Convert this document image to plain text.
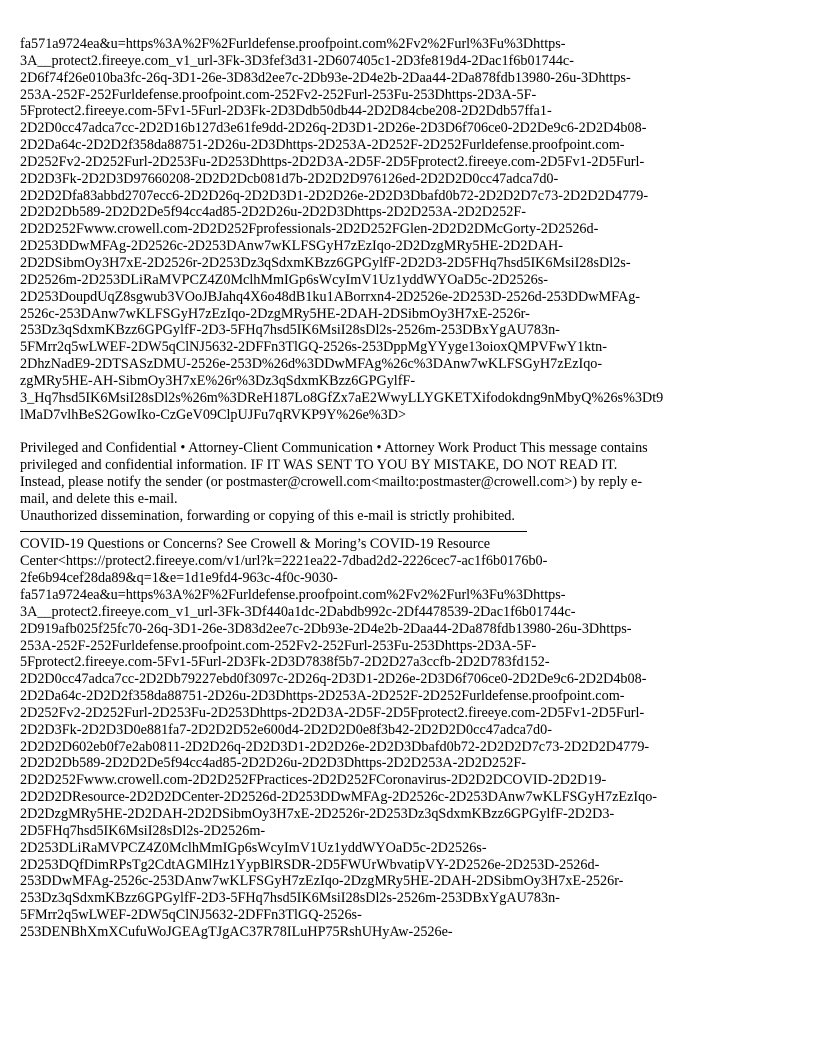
fa571a9724ea&u=https%3A%2F%2Furldefense.proofpoint.com%2Fv2%2Furl%3Fu%3Dhttps-
3A__protect2.fireeye.com_v1_url-3Fk-3D3fef3d31-2D607405c1-2D3fe819d4-2Dac1f6b01744c-
2D6f74f26e010ba3fc-26q-3D1-26e-3D83d2ee7c-2Db93e-2D4e2b-2Daa44-2Da878fdb13980-26u-3Dhttps-
253A-252F-252Furldefense.proofpoint.com-252Fv2-252Furl-253Fu-253Dhttps-2D3A-5F-
5Fprotect2.fireeye.com-5Fv1-5Furl-2D3Fk-2D3Ddb50db44-2D2D84cbe208-2D2Ddb57ffa1-
2D2D0cc47adca7cc-2D2D16b127d3e61fe9dd-2D26q-2D3D1-2D26e-2D3D6f706ce0-2D2De9c6-2D2D4b08-
2D2Da64c-2D2D2f358da88751-2D26u-2D3Dhttps-2D253A-2D252F-2D252Furldefense.proofpoint.com-
2D252Fv2-2D252Furl-2D253Fu-2D253Dhttps-2D2D3A-2D5F-2D5Fprotect2.fireeye.com-2D5Fv1-2D5Furl-
2D2D3Fk-2D2D3D97660208-2D2D2Dcb081d7b-2D2D2D976126ed-2D2D2D0cc47adca7d0-
2D2D2Dfa83abbd2707ecc6-2D2D26q-2D2D3D1-2D2D26e-2D2D3Dbafd0b72-2D2D2D7c73-2D2D2D4779-
2D2D2Db589-2D2D2De5f94cc4ad85-2D2D26u-2D2D3Dhttps-2D2D253A-2D2D252F-
2D2D252Fwww.crowell.com-2D2D252Fprofessionals-2D2D252FGlen-2D2D2DMcGorty-2D2526d-
2D253DDwMFAg-2D2526c-2D253DAnw7wKLFSGyH7zEzIqo-2D2DzgMRy5HE-2D2DAH-
2D2DSibmOy3H7xE-2D2526r-2D253Dz3qSdxmKBzz6GPGylfF-2D2D3-2D5FHq7hsd5IK6MsiI28sDl2s-
2D2526m-2D253DLiRaMVPCZ4Z0MclhMmIGp6sWcyImV1Uz1yddWYOaD5c-2D2526s-
2D253DoupdUqZ8sgwub3VOoJBJahq4X6o48dB1ku1ABorrxn4-2D2526e-2D253D-2526d-253DDwMFAg-
2526c-253DAnw7wKLFSGyH7zEzIqo-2DzgMRy5HE-2DAH-2DSibmOy3H7xE-2526r-
253Dz3qSdxmKBzz6GPGylfF-2D3-5FHq7hsd5IK6MsiI28sDl2s-2526m-253DBxYgAU783n-
5FMrr2q5wLWEF-2DW5qClNJ5632-2DFFn3TlGQ-2526s-253DppMgYYyge13oioxQMPVFwY1ktn-
2DhzNadE9-2DTSASzDMU-2526e-253D%26d%3DDwMFAg%26c%3DAnw7wKLFSGyH7zEzIqo-
zgMRy5HE-AH-SibmOy3H7xE%26r%3Dz3qSdxmKBzz6GPGylfF-
3_Hq7hsd5IK6MsiI28sDl2s%26m%3DReH187Lo8GfZx7aE2WwyLLYGKETXifodokdng9nMbyQ%26s%3Dt9
lMaD7vlhBeS2GowIko-CzGeV09ClpUJFu7qRVKP9Y%26e%3D>
Privileged and Confidential • Attorney-Client Communication • Attorney Work Product This message contains
privileged and confidential information. IF IT WAS SENT TO YOU BY MISTAKE, DO NOT READ IT.
Instead, please notify the sender (or postmaster@crowell.com<mailto:postmaster@crowell.com>) by reply e-
mail, and delete this e-mail.
Unauthorized dissemination, forwarding or copying of this e-mail is strictly prohibited.
COVID-19 Questions or Concerns? See Crowell & Moring’s COVID-19 Resource
Center<https://protect2.fireeye.com/v1/url?k=2221ea22-7dbad2d2-2226cec7-ac1f6b0176b0-
2fe6b94cef28da89&q=1&e=1d1e9fd4-963c-4f0c-9030-
fa571a9724ea&u=https%3A%2F%2Furldefense.proofpoint.com%2Fv2%2Furl%3Fu%3Dhttps-
3A__protect2.fireeye.com_v1_url-3Fk-3Df440a1dc-2Dabdb992c-2Df4478539-2Dac1f6b01744c-
2D919afb025f25fc70-26q-3D1-26e-3D83d2ee7c-2Db93e-2D4e2b-2Daa44-2Da878fdb13980-26u-3Dhttps-
253A-252F-252Furldefense.proofpoint.com-252Fv2-252Furl-253Fu-253Dhttps-2D3A-5F-
5Fprotect2.fireeye.com-5Fv1-5Furl-2D3Fk-2D3D7838f5b7-2D2D27a3ccfb-2D2D783fd152-
2D2D0cc47adca7cc-2D2Db79227ebd0f3097c-2D26q-2D3D1-2D26e-2D3D6f706ce0-2D2De9c6-2D2D4b08-
2D2Da64c-2D2D2f358da88751-2D26u-2D3Dhttps-2D253A-2D252F-2D252Furldefense.proofpoint.com-
2D252Fv2-2D252Furl-2D253Fu-2D253Dhttps-2D2D3A-2D5F-2D5Fprotect2.fireeye.com-2D5Fv1-2D5Furl-
2D2D3Fk-2D2D3D0e881fa7-2D2D2D52e600d4-2D2D2D0e8f3b42-2D2D2D0cc47adca7d0-
2D2D2D602eb0f7e2ab0811-2D2D26q-2D2D3D1-2D2D26e-2D2D3Dbafd0b72-2D2D2D7c73-2D2D2D4779-
2D2D2Db589-2D2D2De5f94cc4ad85-2D2D26u-2D2D3Dhttps-2D2D253A-2D2D252F-
2D2D252Fwww.crowell.com-2D2D252FPractices-2D2D252FCoronavirus-2D2D2DCOVID-2D2D19-
2D2D2DResource-2D2D2DCenter-2D2526d-2D253DDwMFAg-2D2526c-2D253DAnw7wKLFSGyH7zEzIqo-
2D2DzgMRy5HE-2D2DAH-2D2DSibmOy3H7xE-2D2526r-2D253Dz3qSdxmKBzz6GPGylfF-2D2D3-
2D5FHq7hsd5IK6MsiI28sDl2s-2D2526m-
2D253DLiRaMVPCZ4Z0MclhMmIGp6sWcyImV1Uz1yddWYOaD5c-2D2526s-
2D253DQfDimRPsTg2CdtAGMlHz1YypBlRSDR-2D5FWUrWbvatipVY-2D2526e-2D253D-2526d-
253DDwMFAg-2526c-253DAnw7wKLFSGyH7zEzIqo-2DzgMRy5HE-2DAH-2DSibmOy3H7xE-2526r-
253Dz3qSdxmKBzz6GPGylfF-2D3-5FHq7hsd5IK6MsiI28sDl2s-2526m-253DBxYgAU783n-
5FMrr2q5wLWEF-2DW5qClNJ5632-2DFFn3TlGQ-2526s-
253DENBhXmXCufuWoJGEAgTJgAC37R78ILuHP75RshUHyAw-2526e-
